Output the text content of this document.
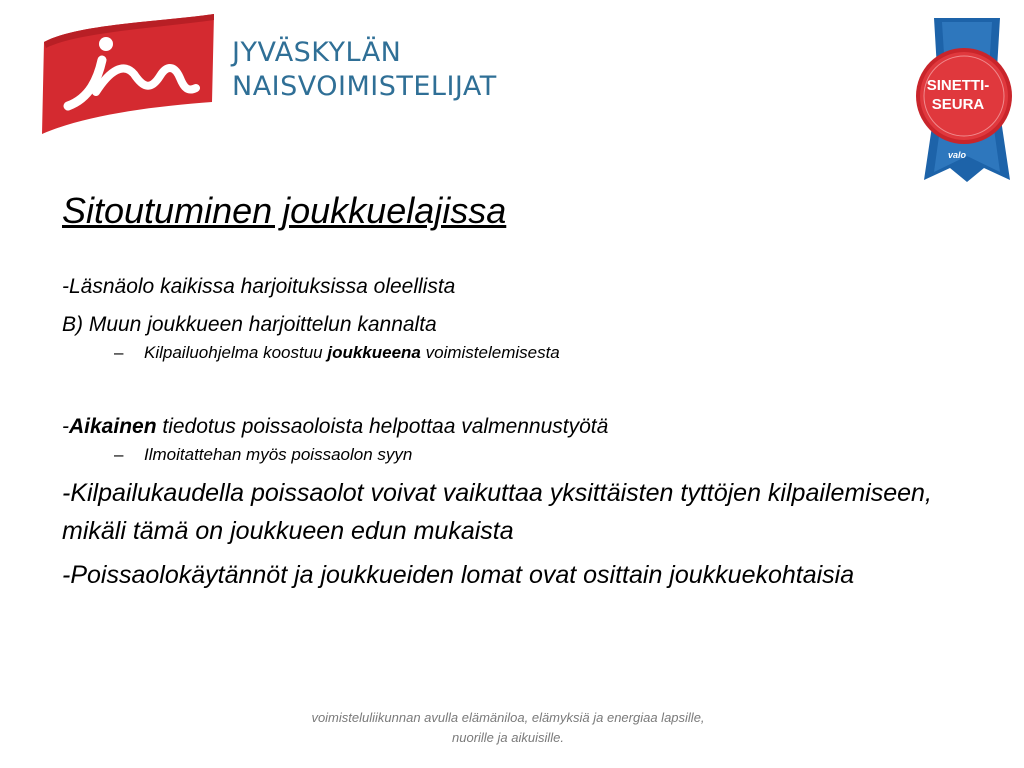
JYVÄSKYLÄN
NAISVOIMISTELIJAT	SINETTI-
SEURA
valo
Sitoutuminen joukkuelajissa

-Läsnäolo kaikissa harjoituksissa oleellista

B) Muun joukkueen harjoittelun kannalta

– Kilpailuohjelma koostuu joukkueena voimistelemisesta

-Aikainen tiedotus poissaoloista helpottaa valmennustyötä

– Ilmoitattehan myös poissaolon syyn

-Kilpailukaudella poissaolot voivat vaikuttaa yksittäisten tyttöjen kilpailemiseen, mikäli tämä on joukkueen edun mukaista

-Poissaolokäytännöt ja joukkueiden lomat ovat osittain joukkuekohtaisia

voimisteluliikunnan avulla elämäniloa, elämyksiä ja energiaa lapsille,
nuorille ja aikuisille.
